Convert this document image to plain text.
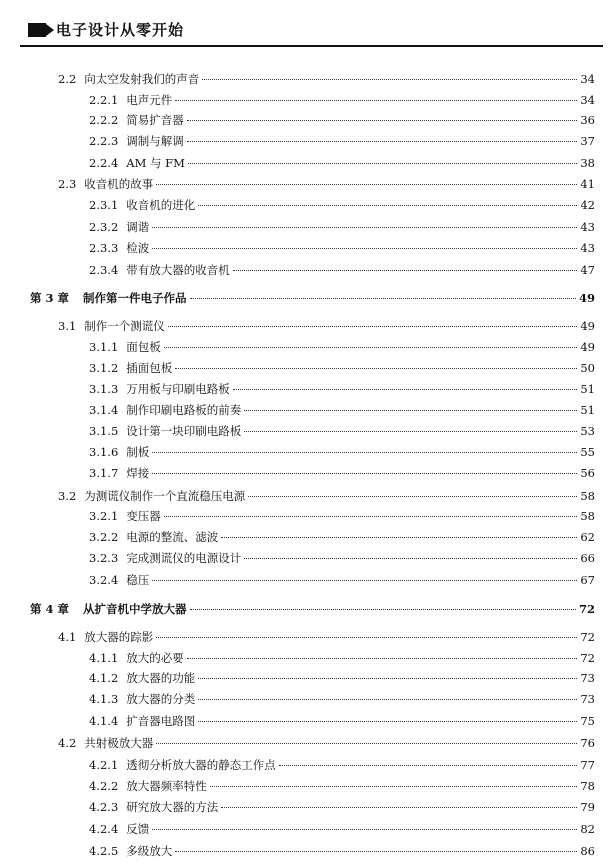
电子设计从零开始
2.2 向太空发射我们的声音	34
2.2.1 电声元件	34
2.2.2 简易扩音器	36
2.2.3 调制与解调	37
2.2.4 AM 与 FM	38
2.3 收音机的故事	41
2.3.1 收音机的进化	42
2.3.2 调谐	43
2.3.3 检波	43
2.3.4 带有放大器的收音机	47
第 3 章 制作第一件电子作品	49
3.1 制作一个测谎仪	49
3.1.1 面包板	49
3.1.2 插面包板	50
3.1.3 万用板与印刷电路板	51
3.1.4 制作印刷电路板的前奏	51
3.1.5 设计第一块印刷电路板	53
3.1.6 制板	55
3.1.7 焊接	56
3.2 为测谎仪制作一个直流稳压电源	58
3.2.1 变压器	58
3.2.2 电源的整流、滤波	62
3.2.3 完成测谎仪的电源设计	66
3.2.4 稳压	67
第 4 章 从扩音机中学放大器	72
4.1 放大器的踪影	72
4.1.1 放大的必要	72
4.1.2 放大器的功能	73
4.1.3 放大器的分类	73
4.1.4 扩音器电路图	75
4.2 共射极放大器	76
4.2.1 透彻分析放大器的静态工作点	77
4.2.2 放大器频率特性	78
4.2.3 研究放大器的方法	79
4.2.4 反馈	82
4.2.5 多级放大	86
